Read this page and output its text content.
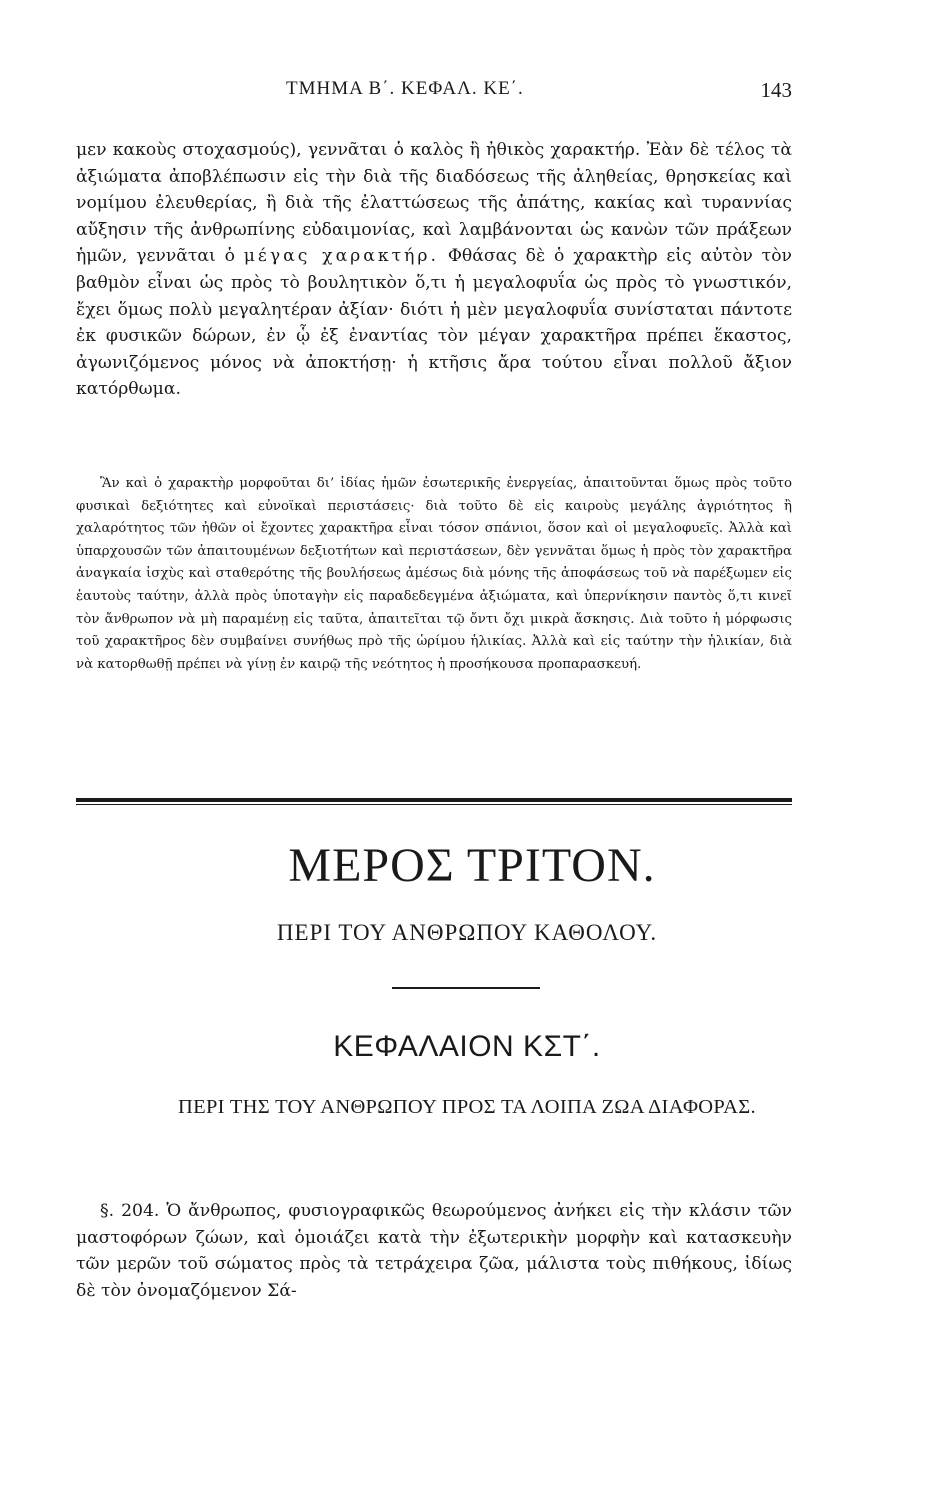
ΤΜΗΜΑ Β΄. ΚΕΦΑΛ. ΚΕ΄.	143

μεν κακοὺς στοχασμούς), γεννᾶται ὁ καλὸς ἢ ἠθικὸς χαρακτήρ. Ἐὰν δὲ τέλος τὰ ἀξιώματα ἀποβλέπωσιν εἰς τὴν διὰ τῆς διαδόσεως τῆς ἀληθείας, θρησκείας καὶ νομίμου ἐλευθερίας, ἢ διὰ τῆς ἐλαττώσεως τῆς ἀπάτης, κακίας καὶ τυραννίας αὔξησιν τῆς ἀνθρωπίνης εὐδαιμονίας, καὶ λαμβάνονται ὡς κανὼν τῶν πράξεων ἡμῶν, γεννᾶται ὁ μέγας χαρακτήρ. Φθάσας δὲ ὁ χαρακτὴρ εἰς αὐτὸν τὸν βαθμὸν εἶναι ὡς πρὸς τὸ βουλητικὸν ὅ,τι ἡ μεγαλοφυΐα ὡς πρὸς τὸ γνωστικόν, ἔχει ὅμως πολὺ μεγαλητέραν ἀξίαν· διότι ἡ μὲν μεγαλοφυΐα συνίσταται πάντοτε ἐκ φυσικῶν δώρων, ἐν ᾧ ἐξ ἐναντίας τὸν μέγαν χαρακτῆρα πρέπει ἕκαστος, ἀγωνιζόμενος μόνος νὰ ἀποκτήσῃ· ἡ κτῆσις ἄρα τούτου εἶναι πολλοῦ ἄξιον κατόρθωμα.

Ἂν καὶ ὁ χαρακτὴρ μορφοῦται δι’ ἰδίας ἡμῶν ἐσωτερικῆς ἐνεργείας, ἀπαιτοῦνται ὅμως πρὸς τοῦτο φυσικαὶ δεξιότητες καὶ εὐνοϊκαὶ περιστάσεις· διὰ τοῦτο δὲ εἰς καιροὺς μεγάλης ἀγριότητος ἢ χαλαρότητος τῶν ἠθῶν οἱ ἔχοντες χαρακτῆρα εἶναι τόσον σπάνιοι, ὅσον καὶ οἱ μεγαλοφυεῖς. Ἀλλὰ καὶ ὑπαρχουσῶν τῶν ἀπαιτουμένων δεξιοτήτων καὶ περιστάσεων, δὲν γεννᾶται ὅμως ἡ πρὸς τὸν χαρακτῆρα ἀναγκαία ἰσχὺς καὶ σταθερότης τῆς βουλήσεως ἀμέσως διὰ μόνης τῆς ἀποφάσεως τοῦ νὰ παρέξωμεν εἰς ἑαυτοὺς ταύτην, ἀλλὰ πρὸς ὑποταγὴν εἰς παραδεδεγμένα ἀξιώματα, καὶ ὑπερνίκησιν παντὸς ὅ,τι κινεῖ τὸν ἄνθρωπον νὰ μὴ παραμένῃ εἰς ταῦτα, ἀπαιτεῖται τῷ ὄντι ὄχι μικρὰ ἄσκησις. Διὰ τοῦτο ἡ μόρφωσις τοῦ χαρακτῆρος δὲν συμβαίνει συνήθως πρὸ τῆς ὡρίμου ἡλικίας. Ἀλλὰ καὶ εἰς ταύτην τὴν ἡλικίαν, διὰ νὰ κατορθωθῇ πρέπει νὰ γίνῃ ἐν καιρῷ τῆς νεότητος ἡ προσήκουσα προπαρασκευή.

ΜΕΡΟΣ ΤΡΙΤΟΝ.
ΠΕΡΙ ΤΟΥ ΑΝΘΡΩΠΟΥ ΚΑΘΟΛΟΥ.
ΚΕΦΑΛΑΙΟΝ ΚΣΤ΄.
ΠΕΡΙ ΤΗΣ ΤΟΥ ΑΝΘΡΩΠΟΥ ΠΡΟΣ ΤΑ ΛΟΙΠΑ ΖΩΑ ΔΙΑΦΟΡΑΣ.

§. 204. Ὁ ἄνθρωπος, φυσιογραφικῶς θεωρούμενος ἀνήκει εἰς τὴν κλάσιν τῶν μαστοφόρων ζώων, καὶ ὁμοιάζει κατὰ τὴν ἐξωτερικὴν μορφὴν καὶ κατασκευὴν τῶν μερῶν τοῦ σώματος πρὸς τὰ τετράχειρα ζῶα, μάλιστα τοὺς πιθήκους, ἰδίως δὲ τὸν ὀνομαζόμενον Σά-
